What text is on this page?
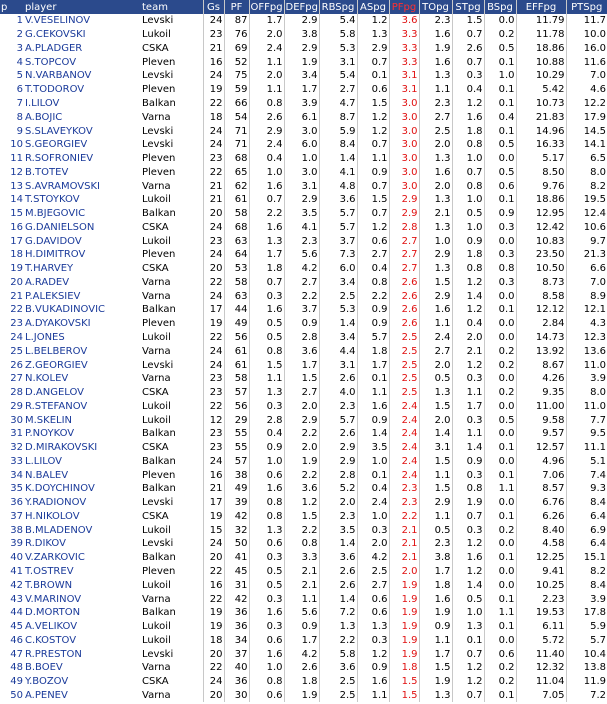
p	player	team	Gs	PF	OFFpg	DEFpg	RBSpg	ASpg	PFpg	TOpg	STpg	BSpg	EFFpg	PTSpg
1	V.VESELINOV	Levski	24	87	1.7	2.9	5.4	1.2	3.6	2.3	1.5	0.0	11.79	11.7
2	G.CEKOVSKI	Lukoil	23	76	2.0	3.8	5.8	1.3	3.3	1.6	0.7	0.2	11.78	10.0
3	A.PLADGER	CSKA	21	69	2.4	2.9	5.3	2.9	3.3	1.9	2.6	0.5	18.86	16.0
4	S.TOPCOV	Pleven	16	52	1.1	1.9	3.1	0.7	3.3	1.6	0.7	0.1	10.88	11.6
5	N.VARBANOV	Levski	24	75	2.0	3.4	5.4	0.1	3.1	1.3	0.3	1.0	10.29	7.0
6	T.TODOROV	Pleven	19	59	1.1	1.7	2.7	0.6	3.1	1.1	0.4	0.1	5.42	4.6
7	I.LILOV	Balkan	22	66	0.8	3.9	4.7	1.5	3.0	2.3	1.2	0.1	10.73	12.2
8	A.BOJIC	Varna	18	54	2.6	6.1	8.7	1.2	3.0	2.7	1.6	0.4	21.83	17.9
9	S.SLAVEYKOV	Levski	24	71	2.9	3.0	5.9	1.2	3.0	2.5	1.8	0.1	14.96	14.5
10	S.GEORGIEV	Levski	24	71	2.4	6.0	8.4	0.7	3.0	2.0	0.8	0.5	16.33	14.1
11	R.SOFRONIEV	Pleven	23	68	0.4	1.0	1.4	1.1	3.0	1.3	1.0	0.0	5.17	6.5
12	B.TOTEV	Pleven	22	65	1.0	3.0	4.1	0.9	3.0	1.6	0.7	0.5	8.50	8.0
13	S.AVRAMOVSKI	Varna	21	62	1.6	3.1	4.8	0.7	3.0	2.0	0.8	0.6	9.76	8.2
14	T.STOYKOV	Lukoil	21	61	0.7	2.9	3.6	1.5	2.9	1.3	1.0	0.1	18.86	19.5
15	M.BJEGOVIC	Balkan	20	58	2.2	3.5	5.7	0.7	2.9	2.1	0.5	0.9	12.95	12.4
16	G.DANIELSON	CSKA	24	68	1.6	4.1	5.7	1.2	2.8	1.3	1.0	0.3	12.42	10.6
17	G.DAVIDOV	Lukoil	23	63	1.3	2.3	3.7	0.6	2.7	1.0	0.9	0.0	10.83	9.7
18	H.DIMITROV	Pleven	24	64	1.7	5.6	7.3	2.7	2.7	2.9	1.8	0.3	23.50	21.3
19	T.HARVEY	CSKA	20	53	1.8	4.2	6.0	0.4	2.7	1.3	0.8	0.8	10.50	6.6
20	A.RADEV	Varna	22	58	0.7	2.7	3.4	0.8	2.6	1.5	1.2	0.3	8.73	7.0
21	P.ALEKSIEV	Varna	24	63	0.3	2.2	2.5	2.2	2.6	2.9	1.4	0.0	8.58	8.9
22	B.VUKADINOVIC	Balkan	17	44	1.6	3.7	5.3	0.9	2.6	1.6	1.2	0.1	12.12	12.1
23	A.DYAKOVSKI	Pleven	19	49	0.5	0.9	1.4	0.9	2.6	1.1	0.4	0.0	2.84	4.3
24	L.JONES	Lukoil	22	56	0.5	2.8	3.4	5.7	2.5	2.4	2.0	0.0	14.73	12.3
25	L.BELBEROV	Varna	24	61	0.8	3.6	4.4	1.8	2.5	2.7	2.1	0.2	13.92	13.6
26	Z.GEORGIEV	Levski	24	61	1.5	1.7	3.1	1.7	2.5	2.0	1.2	0.2	8.67	11.0
27	N.KOLEV	Varna	23	58	1.1	1.5	2.6	0.1	2.5	0.5	0.3	0.0	4.26	3.9
28	D.ANGELOV	CSKA	23	57	1.3	2.7	4.0	1.1	2.5	1.3	1.1	0.2	9.35	8.0
29	R.STEFANOV	Lukoil	22	56	0.3	2.0	2.3	1.6	2.4	1.5	1.7	0.0	11.00	11.0
30	M.SKELIN	Lukoil	12	29	2.8	2.9	5.7	0.9	2.4	2.0	0.3	0.5	9.58	7.7
31	P.NOYKOV	Balkan	23	55	0.4	2.2	2.6	1.4	2.4	1.4	1.1	0.0	9.57	9.5
32	D.MIRAKOVSKI	CSKA	23	55	0.9	2.0	2.9	3.5	2.4	3.1	1.4	0.1	12.57	11.1
33	L.LILOV	Balkan	24	57	1.0	1.9	2.9	1.0	2.4	1.5	0.9	0.0	4.96	5.1
34	N.BALEV	Pleven	16	38	0.6	2.2	2.8	0.1	2.4	1.1	0.3	0.1	7.06	7.4
35	K.DOYCHINOV	Balkan	21	49	1.6	3.6	5.2	0.4	2.3	1.5	0.8	1.1	8.57	9.3
36	Y.RADIONOV	Levski	17	39	0.8	1.2	2.0	2.4	2.3	2.9	1.9	0.0	6.76	8.4
37	H.NIKOLOV	CSKA	19	42	0.8	1.5	2.3	1.0	2.2	1.1	0.7	0.1	6.26	6.4
38	B.MLADENOV	Lukoil	15	32	1.3	2.2	3.5	0.3	2.1	0.5	0.3	0.2	8.40	6.9
39	R.DIKOV	Levski	24	50	0.6	0.8	1.4	2.0	2.1	2.3	1.2	0.0	4.58	6.4
40	V.ZARKOVIC	Balkan	20	41	0.3	3.3	3.6	4.2	2.1	3.8	1.6	0.1	12.25	15.1
41	T.OSTREV	Pleven	22	45	0.5	2.1	2.6	2.5	2.0	1.7	1.2	0.0	9.41	8.2
42	T.BROWN	Lukoil	16	31	0.5	2.1	2.6	2.7	1.9	1.8	1.4	0.0	10.25	8.4
43	V.MARINOV	Varna	22	42	0.3	1.1	1.4	0.6	1.9	1.6	0.5	0.1	2.23	3.9
44	D.MORTON	Balkan	19	36	1.6	5.6	7.2	0.6	1.9	1.9	1.0	1.1	19.53	17.8
45	A.VELIKOV	Lukoil	19	36	0.3	0.9	1.3	1.3	1.9	0.9	1.3	0.1	6.11	5.9
46	C.KOSTOV	Lukoil	18	34	0.6	1.7	2.2	0.3	1.9	1.1	0.1	0.0	5.72	5.7
47	R.PRESTON	Levski	20	37	1.6	4.2	5.8	1.2	1.9	1.7	0.7	0.6	11.40	10.4
48	B.BOEV	Varna	22	40	1.0	2.6	3.6	0.9	1.8	1.5	1.2	0.2	12.32	13.8
49	Y.BOZOV	CSKA	24	36	0.8	1.8	2.5	1.6	1.5	1.9	1.2	0.2	11.04	11.9
50	A.PENEV	Varna	20	30	0.6	1.9	2.5	1.1	1.5	1.3	0.7	0.1	7.05	7.2
